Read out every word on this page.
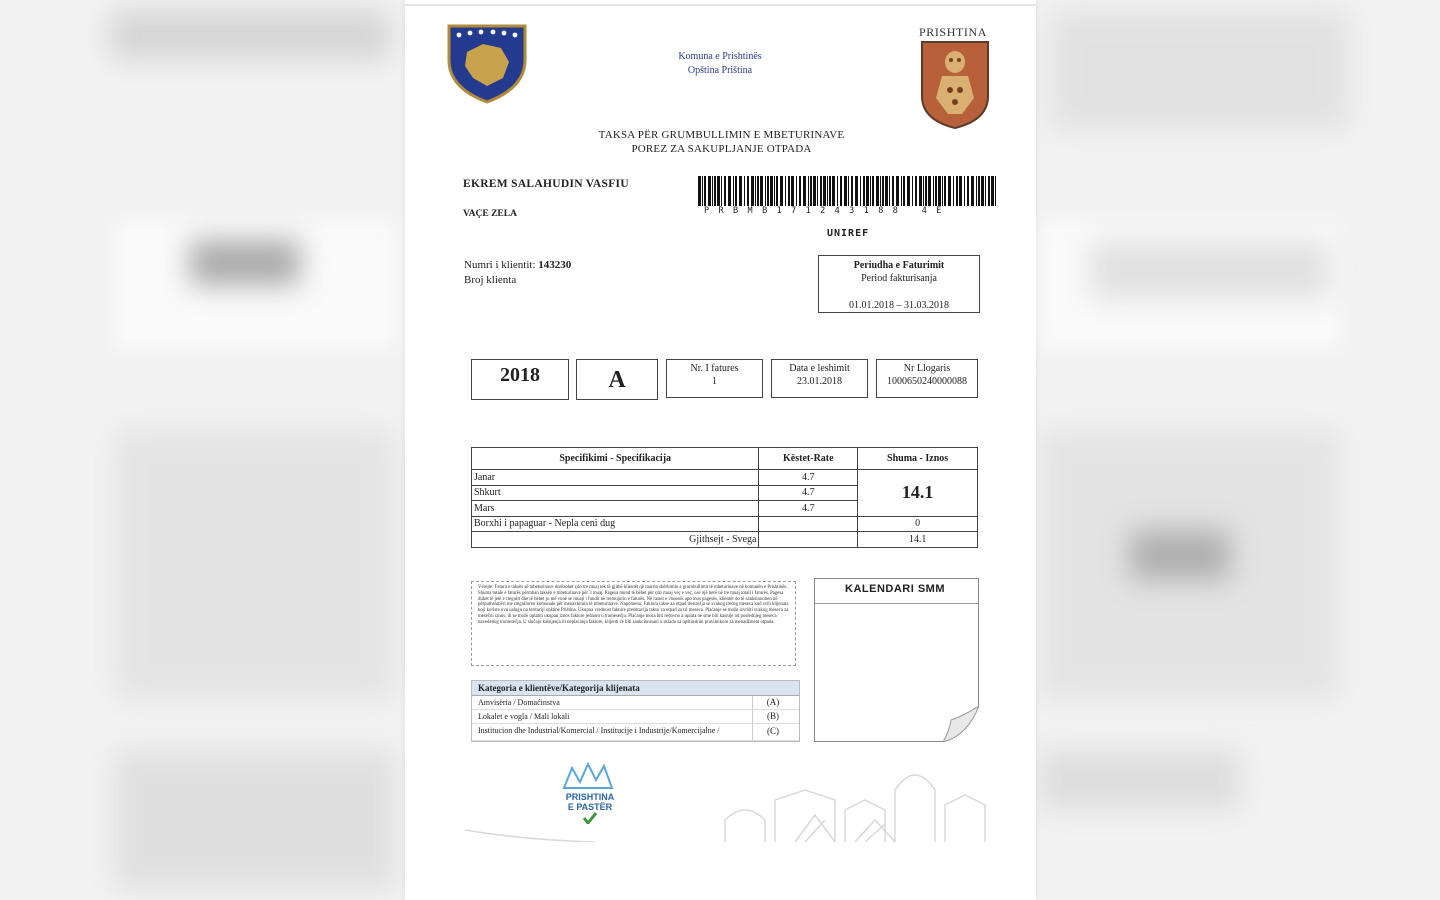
Komuna e Prishtinës
Opština Priština
PRISHTINA
TAKSA PËR GRUMBULLIMIN E MBETURINAVE
POREZ ZA SAKUPLJANJE OTPADA
EKREM SALAHUDIN VASFIU
VAÇE ZELA	PRBMB171243188 4E
UNIREF
Numri i klientit: 143230
Broj klienta
Periudha e Faturimit
Period fakturisanja
01.01.2018 – 31.03.2018
2018	A	Nr. I fatures
1
Data e leshimit
23.01.2018
Nr Llogaris
1000650240000088
Specifikimi - Specifikacija	Këstet-Rate	Shuma - Iznos
Janar	4.7	14.1
Shkurt	4.7	
Mars	4.7	
Borxhi i papaguar - Nepla ceni dug		0
Gjithsejt - Svega		14.1
Vërejte: Fatura e taksës së mbeturinave dorëzohet çdo tre muaj tek të gjithë klientët që marrin shërbimin e grumbullimit të mbeturinave në komunën e Prishtinës. Shuma totale e faturës përmban taksën e mbeturinave për 3 muaj. Pagesa mund të bëhet për çdo muaj veç e veç, ose një herë në tre muaj totali i faturës. Pagesa duhet të jetë e rregullt dhe të bëhet jo më vonë se muaji i fundit në tremujorin e faturës. Në rastet e vonesës apo mos pagesës, klientët do të sanksionohen në përputhshmëri me rregulloren komunale për menaxhimin të mbeturinave. Napomena: Faktura takse za otpad dostavlja se svakog trećeg meseca kod svih klijenata koji koriste ovu uslugu na teritoriji opštine Priština. Ukupna vrednost fakture predstavlja taksu za otpad za tri meseca. Plaćanje se može izvršiti svakog meseca za mesečni iznos, ili se može uplatiti ukupan iznos fakture jednom u tromesečju. Plaćanje mora biti redovno a uplata ne sme biti kasnije od poslednjeg meseca navedenog tromesečja. U slučaju kašnjenja ili neplaćanja fakture, klijenti će biti sankcionisani u skladu sa opštinskim pravilnikom za menadžment otpada.
Kategoria e klientëve/Kategorija klijenata
Amvisëria / Domaćinstva	(A)
Lokalet e vogla / Mali lokali	(B)
Institucion dhe Industrial/Komercial / Institucije i Industrije/Komercijalne /	(C)
KALENDARI SMM
PRISHTINA
E PASTËR
